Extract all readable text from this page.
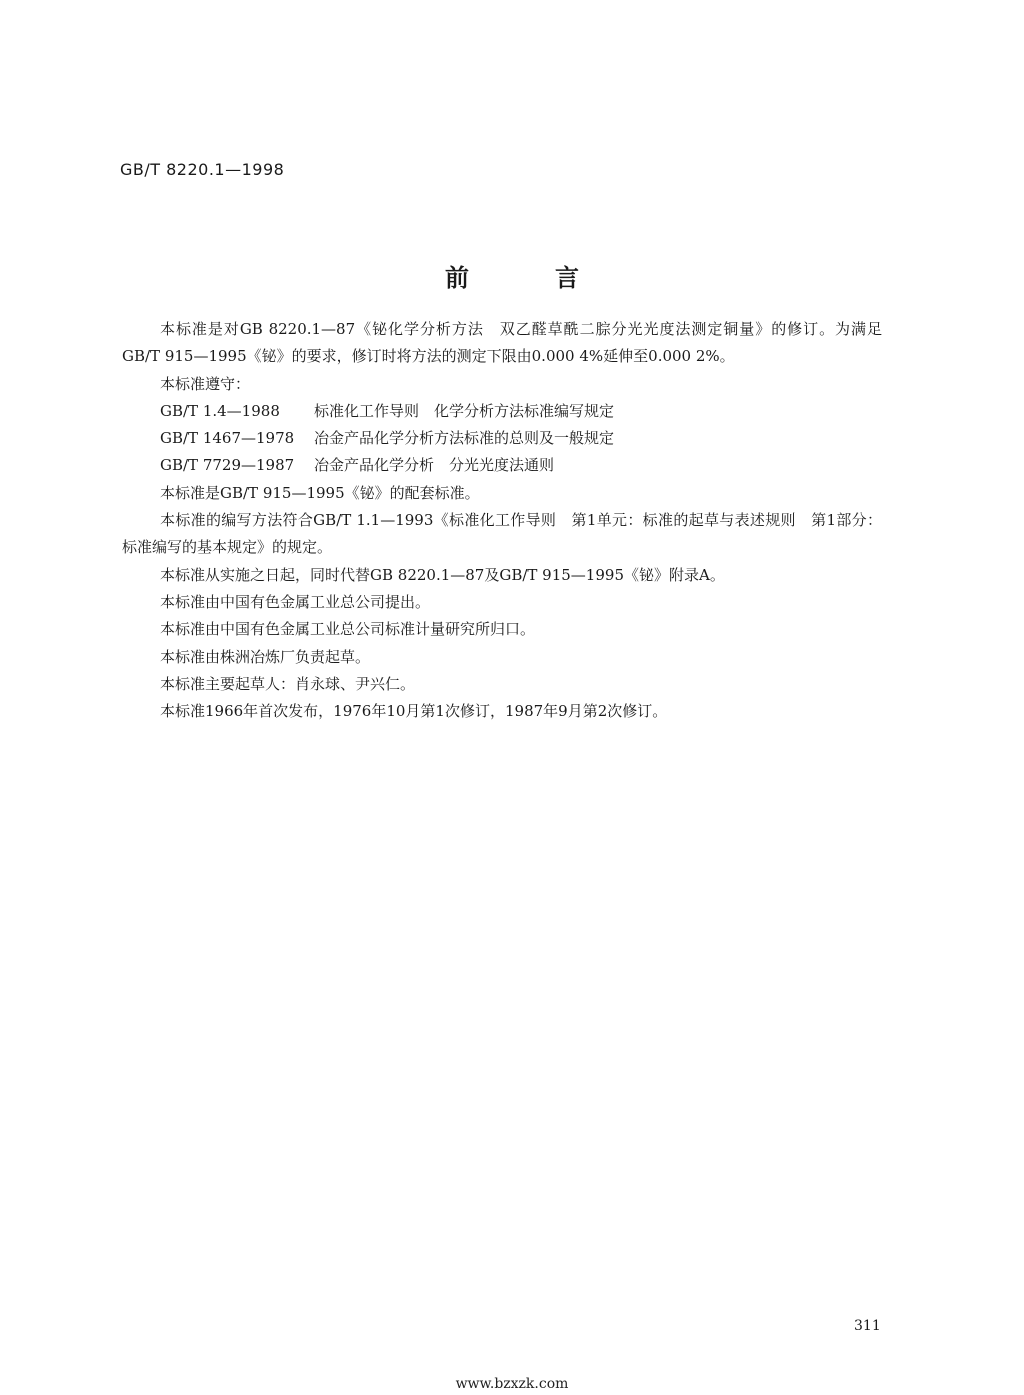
GB/T 8220.1—1998
前言

本标准是对GB 8220.1—87《铋化学分析方法　双乙醛草酰二腙分光光度法测定铜量》的修订。为满足GB/T 915—1995《铋》的要求，修订时将方法的测定下限由0.000 4%延伸至0.000 2%。

本标准遵守：

GB/T 1.4—1988 标准化工作导则　化学分析方法标准编写规定
GB/T 1467—1978 冶金产品化学分析方法标准的总则及一般规定
GB/T 7729—1987 冶金产品化学分析　分光光度法通则

本标准是GB/T 915—1995《铋》的配套标准。

本标准的编写方法符合GB/T 1.1—1993《标准化工作导则　第1单元：标准的起草与表述规则　第1部分：标准编写的基本规定》的规定。

本标准从实施之日起，同时代替GB 8220.1—87及GB/T 915—1995《铋》附录A。

本标准由中国有色金属工业总公司提出。

本标准由中国有色金属工业总公司标准计量研究所归口。

本标准由株洲冶炼厂负责起草。

本标准主要起草人：肖永球、尹兴仁。

本标准1966年首次发布，1976年10月第1次修订，1987年9月第2次修订。

311
www.bzxzk.com
